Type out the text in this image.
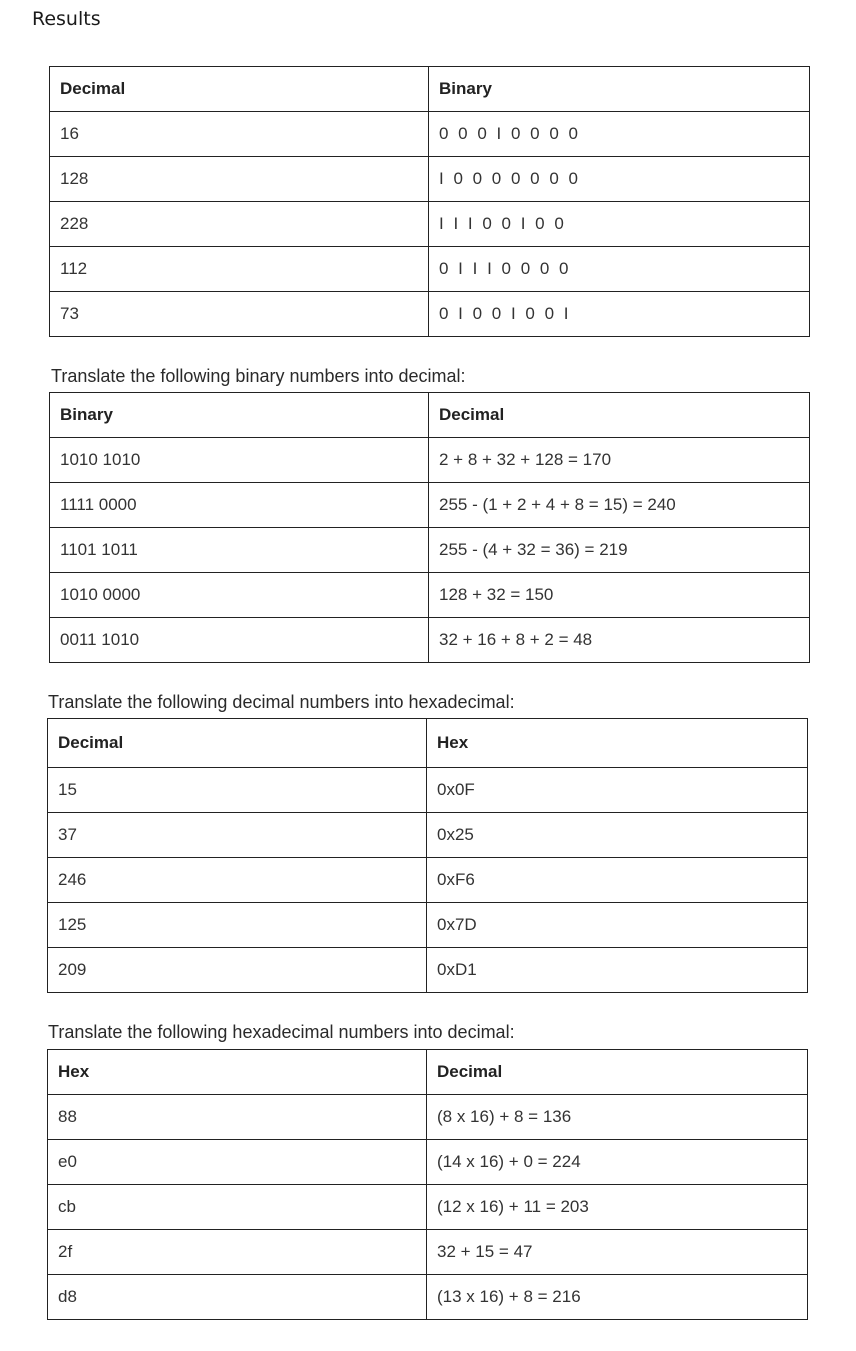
Results
Decimal	Binary
16	0 0 0 I 0 0 0 0
128	I 0 0 0 0 0 0 0
228	I I I 0 0 I 0 0
112	0 I I I 0 0 0 0
73	0 I 0 0 I 0 0 I
Translate the following binary numbers into decimal:
Binary	Decimal
1010 1010	2 + 8 + 32 + 128 = 170
1111 0000	255 - (1 + 2 + 4 + 8 = 15) = 240
1101 1011	255 - (4 + 32 = 36) = 219
1010 0000	128 + 32 = 150
0011 1010	32 + 16 + 8 + 2 = 48
Translate the following decimal numbers into hexadecimal:
Decimal	Hex
15	0x0F
37	0x25
246	0xF6
125	0x7D
209	0xD1
Translate the following hexadecimal numbers into decimal:
Hex	Decimal
88	(8 x 16) + 8 = 136
e0	(14 x 16) + 0 = 224
cb	(12 x 16) + 11 = 203
2f	32 + 15 = 47
d8	(13 x 16) + 8 = 216
